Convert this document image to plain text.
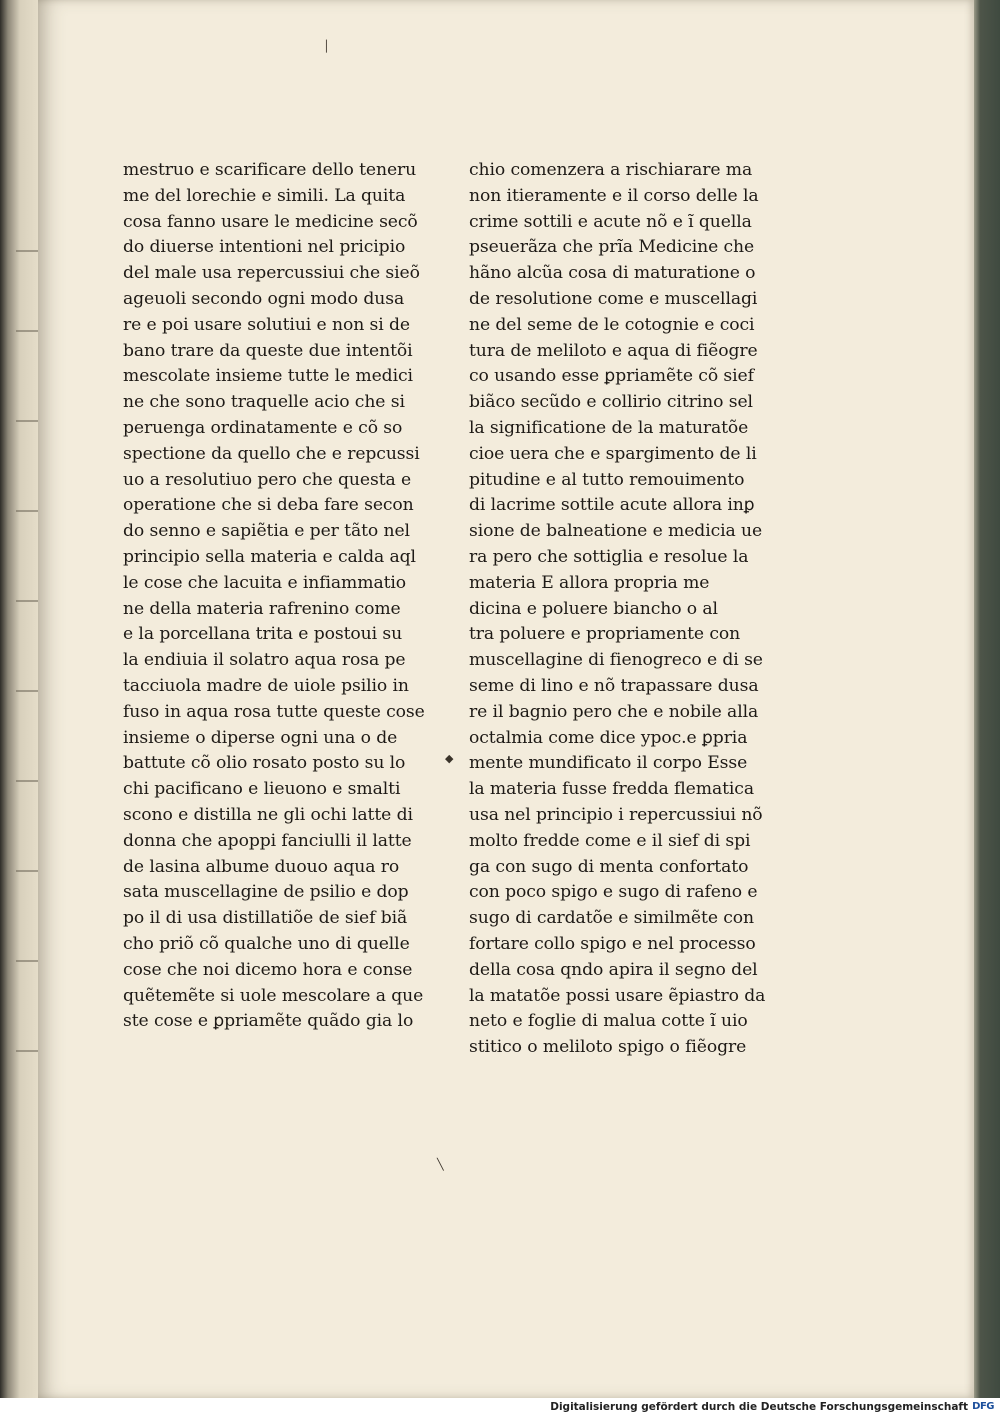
mestruo e scarificare dello teneru
me del lorechie e simili. La quita
cosa fanno usare le medicine secõ
do diuerse intentioni nel pricipio
del male usa repercussiui che sieõ
ageuoli secondo ogni modo dusa
re e poi usare solutiui e non si de
bano trare da queste due intentõi
mescolate insieme tutte le medici
ne che sono traquelle acio che si
peruenga ordinatamente e cõ so
spectione da quello che e repcussi
uo a resolutiuo pero che questa e
operatione che si deba fare secon
do senno e sapiẽtia e per tãto nel
principio sella materia e calda aql
le cose che lacuita e infiammatio
ne della materia rafrenino come
e la porcellana trita e postoui su
la endiuia il solatro aqua rosa pe
tacciuola madre de uiole psilio in
fuso in aqua rosa tutte queste cose
insieme o diperse ogni una o de
battute cõ olio rosato posto su lo
chi pacificano e lieuono e smalti
scono e distilla ne gli ochi latte di
donna che apoppi fanciulli il latte
de lasina albume duouo aqua ro
sata muscellagine de psilio e dop
po il di usa distillatiõe de sief biã
cho priõ cõ qualche uno di quelle
cose che noi dicemo hora e conse
quẽtemẽte si uole mescolare a que
ste cose e ꝑpriamẽte quãdo gia lo
chio comenzera a rischiarare ma
non itieramente e il corso delle la
crime sottili e acute nõ e ĩ quella
pseuerãza che prĩa Medicine che
hãno alcũa cosa di maturatione o
de resolutione come e muscellagi
ne del seme de le cotognie e coci
tura de meliloto e aqua di fiẽogre
co usando esse ꝑpriamẽte cõ sief
biãco secũdo e collirio citrino sel
la significatione de la maturatõe
cioe uera che e spargimento de li
pitudine e al tutto remouimento
di lacrime sottile acute allora inꝑ
sione de balneatione e medicia ue
ra pero che sottiglia e resolue la
materia E allora propria me
dicina e poluere biancho o al
tra poluere e propriamente con
muscellagine di fienogreco e di se
seme di lino e nõ trapassare dusa
re il bagnio pero che e nobile alla
octalmia come dice ypoc.e ꝑpria
mente mundificato il corpo Esse
la materia fusse fredda flematica
usa nel principio i repercussiui nõ
molto fredde come e il sief di spi
ga con sugo di menta confortato
con poco spigo e sugo di rafeno e
sugo di cardatõe e similmẽte con
fortare collo spigo e nel processo
della cosa qndo apira il segno del
la matatõe possi usare ẽpiastro da
neto e foglie di malua cotte ĩ uio
stitico o meliloto spigo o fiẽogre
◆
╲
│
Digitalisierung gefördert durch die Deutsche Forschungsgemeinschaft DFG
